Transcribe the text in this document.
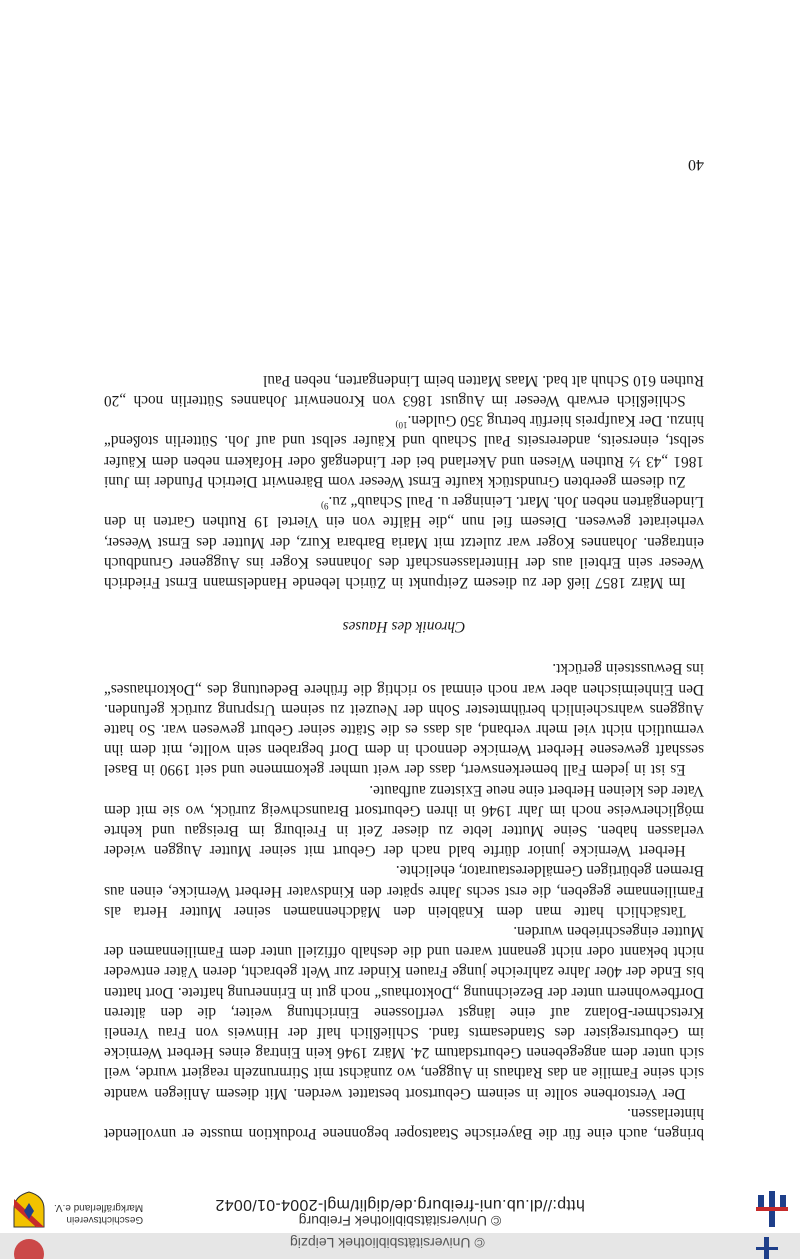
© Universitätsbibliothek Freiburg
http://dl.ub.uni-freiburg.de/diglit/mgl-2004-01/0042
Geschichtsverein
Markgräflerland e.V.

bringen, auch eine für die Bayerische Staatsoper begonnene Produktion musste er unvollendet hinterlassen.

Der Verstorbene sollte in seinem Geburtsort bestattet werden. Mit diesem Anliegen wandte sich seine Familie an das Rathaus in Auggen, wo zunächst mit Stirnrunzeln reagiert wurde, weil sich unter dem angegebenen Geburtsdatum 24. März 1946 kein Eintrag eines Herbert Wernicke im Geburtsregister des Standesamts fand. Schließlich half der Hinweis von Frau Vreneli Kretschmer-Bolanz auf eine längst verflossene Einrichtung weiter, die den älteren Dorfbewohnern unter der Bezeichnung „Doktorhaus“ noch gut in Erinnerung haftete. Dort hatten bis Ende der 40er Jahre zahlreiche junge Frauen Kinder zur Welt gebracht, deren Väter entweder nicht bekannt oder nicht genannt waren und die deshalb offiziell unter dem Familiennamen der Mutter eingeschrieben wurden.

Tatsächlich hatte man dem Knäblein den Mädchennamen seiner Mutter Herta als Familienname gegeben, die erst sechs Jahre später den Kindsvater Herbert Wernicke, einen aus Bremen gebürtigen Gemälderestaurator, ehelichte.

Herbert Wernicke junior dürfte bald nach der Geburt mit seiner Mutter Auggen wieder verlassen haben. Seine Mutter lebte zu dieser Zeit in Freiburg im Breisgau und kehrte möglicherweise noch im Jahr 1946 in ihren Geburtsort Braunschweig zurück, wo sie mit dem Vater des kleinen Herbert eine neue Existenz aufbaute.

Es ist in jedem Fall bemerkenswert, dass der weit umher gekommene und seit 1990 in Basel sesshaft gewesene Herbert Wernicke dennoch in dem Dorf begraben sein wollte, mit dem ihn vermutlich nicht viel mehr verband, als dass es die Stätte seiner Geburt gewesen war. So hatte Auggens wahrscheinlich berühmtester Sohn der Neuzeit zu seinem Ursprung zurück gefunden. Den Einheimischen aber war noch einmal so richtig die frühere Bedeutung des „Doktorhauses“ ins Bewusstsein gerückt.

Chronik des Hauses

Im März 1857 ließ der zu diesem Zeitpunkt in Zürich lebende Handelsmann Ernst Friedrich Weeser sein Erbteil aus der Hinterlassenschaft des Johannes Koger ins Auggener Grundbuch eintragen. Johannes Koger war zuletzt mit Maria Barbara Kurz, der Mutter des Ernst Weeser, verheiratet gewesen. Diesem fiel nun „die Hälfte von ein Viertel 19 Ruthen Garten in den Lindengärten neben Joh. Mart. Leininger u. Paul Schaub“ zu.$^{9)}$

Zu diesem geerbten Grundstück kaufte Ernst Weeser vom Bärenwirt Dietrich Pfunder im Juni 1861 „43 ½ Ruthen Wiesen und Akerland bei der Lindengaß oder Hofakern neben dem Käufer selbst, einerseits, andererseits Paul Schaub und Käufer selbst und auf Joh. Sütterlin stoßend“ hinzu. Der Kaufpreis hierfür betrug 350 Gulden.$^{10)}$

Schließlich erwarb Weeser im August 1863 von Kronenwirt Johannes Sütterlin noch „20 Ruthen 610 Schuh alt bad. Maas Matten beim Lindengarten, neben Paul

40
© Universitätsbibliothek Leipzig
